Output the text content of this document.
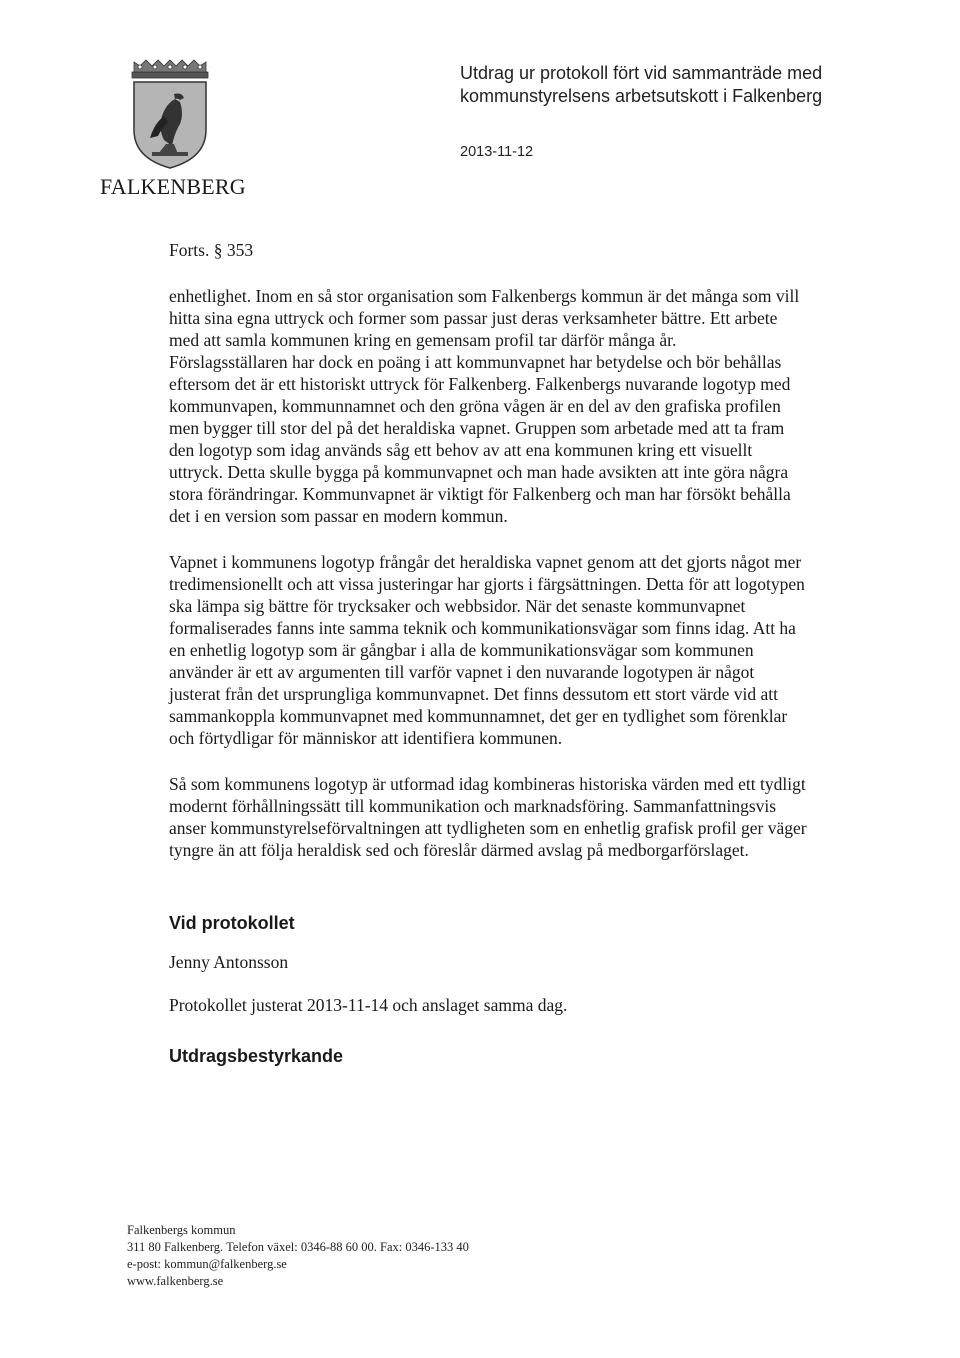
FALKENBERG
Utdrag ur protokoll fört vid sammanträde med
kommunstyrelsens arbetsutskott i Falkenberg
2013-11-12
Forts. § 353
enhetlighet. Inom en så stor organisation som Falkenbergs kommun är det många som vill
hitta sina egna uttryck och former som passar just deras verksamheter bättre. Ett arbete
med att samla kommunen kring en gemensam profil tar därför många år.
Förslagsställaren har dock en poäng i att kommunvapnet har betydelse och bör behållas
eftersom det är ett historiskt uttryck för Falkenberg. Falkenbergs nuvarande logotyp med
kommunvapen, kommunnamnet och den gröna vågen är en del av den grafiska profilen
men bygger till stor del på det heraldiska vapnet. Gruppen som arbetade med att ta fram
den logotyp som idag används såg ett behov av att ena kommunen kring ett visuellt
uttryck. Detta skulle bygga på kommunvapnet och man hade avsikten att inte göra några
stora förändringar. Kommunvapnet är viktigt för Falkenberg och man har försökt behålla
det i en version som passar en modern kommun.
Vapnet i kommunens logotyp frångår det heraldiska vapnet genom att det gjorts något mer
tredimensionellt och att vissa justeringar har gjorts i färgsättningen. Detta för att logotypen
ska lämpa sig bättre för trycksaker och webbsidor. När det senaste kommunvapnet
formaliserades fanns inte samma teknik och kommunikationsvägar som finns idag. Att ha
en enhetlig logotyp som är gångbar i alla de kommunikationsvägar som kommunen
använder är ett av argumenten till varför vapnet i den nuvarande logotypen är något
justerat från det ursprungliga kommunvapnet. Det finns dessutom ett stort värde vid att
sammankoppla kommunvapnet med kommunnamnet, det ger en tydlighet som förenklar
och förtydligar för människor att identifiera kommunen.
Så som kommunens logotyp är utformad idag kombineras historiska värden med ett tydligt
modernt förhållningssätt till kommunikation och marknadsföring. Sammanfattningsvis
anser kommunstyrelseförvaltningen att tydligheten som en enhetlig grafisk profil ger väger
tyngre än att följa heraldisk sed och föreslår därmed avslag på medborgarförslaget.
Vid protokollet
Jenny Antonsson
Protokollet justerat 2013-11-14 och anslaget samma dag.
Utdragsbestyrkande
Falkenbergs kommun
311 80 Falkenberg. Telefon växel: 0346-88 60 00. Fax: 0346-133 40
e-post: kommun@falkenberg.se
www.falkenberg.se
